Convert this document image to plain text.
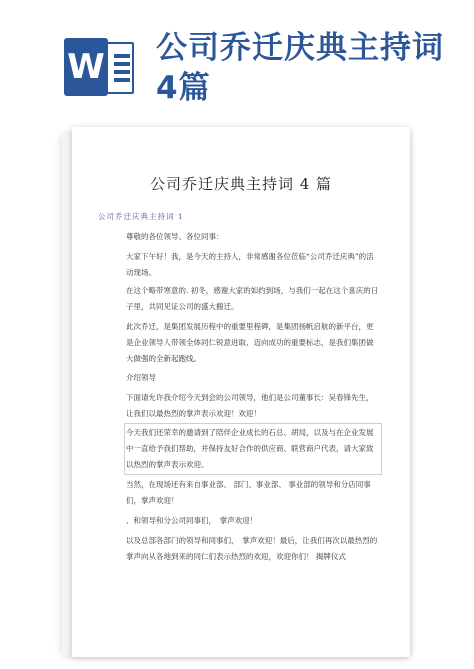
W 公司乔迁庆典主持词4篇
公司乔迁庆典主持词 4 篇
公司乔迁庆典主持词 1
尊敬的各位领导、各位同事：
大家下午好！我，是今天的主持人，非常感谢各位莅临“公司乔迁庆典”的活动现场。
在这个略带寒意的. 初冬，感谢大家的如约到场，与我们一起在这个喜庆的日子里，共同见证公司的盛大搬迁。
此次乔迁，是集团发展历程中的重要里程碑，是集团扬帆启航的新平台，更是企业领导人带领全体同仁锐意进取、迈向成功的重要标志，是我们集团做大做强的全新起跑线。
介绍领导
下面请允许我介绍今天到会的公司领导，他们是公司董事长：吴春锋先生，让我们以最热烈的掌声表示欢迎！欢迎！
今天我们还荣幸的邀请到了陪伴企业成长的石总、胡局，以及与在企业发展中一直给予我们帮助，并保持友好合作的供应商、联营商户代表，请大家致以热烈的掌声表示欢迎。
当然，在现场还有来自事业部、 部门、事业部、 事业部的领导和分店同事们，掌声欢迎！
、和领导和分公司同事们，　掌声欢迎！
以及总部各部门的领导和同事们，　掌声欢迎！最后，让我们再次以最热烈的掌声向从各地到来的同仁们表示热烈的欢迎，欢迎你们！ 揭牌仪式
